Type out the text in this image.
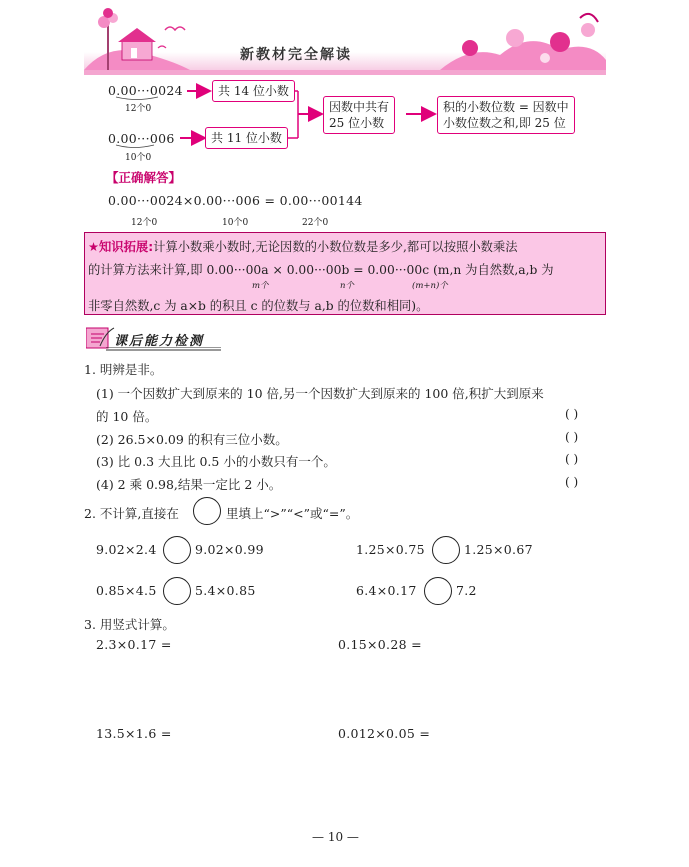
新教材完全解读
0.00···0024
12个0
0.00···006
10个0
共 14 位小数
共 11 位小数
因数中共有
25 位小数
积的小数位数 = 因数中
小数位数之和,即 25 位
【正确解答】
0.00···0024×0.00···006 = 0.00···00144
12个0	10个0	22个0
★知识拓展:计算小数乘小数时,无论因数的小数位数是多少,都可以按照小数乘法
的计算方法来计算,即 0.00···00a × 0.00···00b = 0.00···00c (m,n 为自然数,a,b 为
m个	n个	(m+n)个
非零自然数,c 为 a×b 的积且 c 的位数与 a,b 的位数和相同)。
课后能力检测
1. 明辨是非。
(1) 一个因数扩大到原来的 10 倍,另一个因数扩大到原来的 100 倍,积扩大到原来
的 10 倍。	( )
(2) 26.5×0.09 的积有三位小数。	( )
(3) 比 0.3 大且比 0.5 小的小数只有一个。	( )
(4) 2 乘 0.98,结果一定比 2 小。	( )
2. 不计算,直接在	里填上“>”“<”或“=”。
9.02×2.4	9.02×0.99	1.25×0.75	1.25×0.67
0.85×4.5	5.4×0.85	6.4×0.17	7.2
3. 用竖式计算。
2.3×0.17 =	0.15×0.28 =
13.5×1.6 =	0.012×0.05 =
— 10 —
